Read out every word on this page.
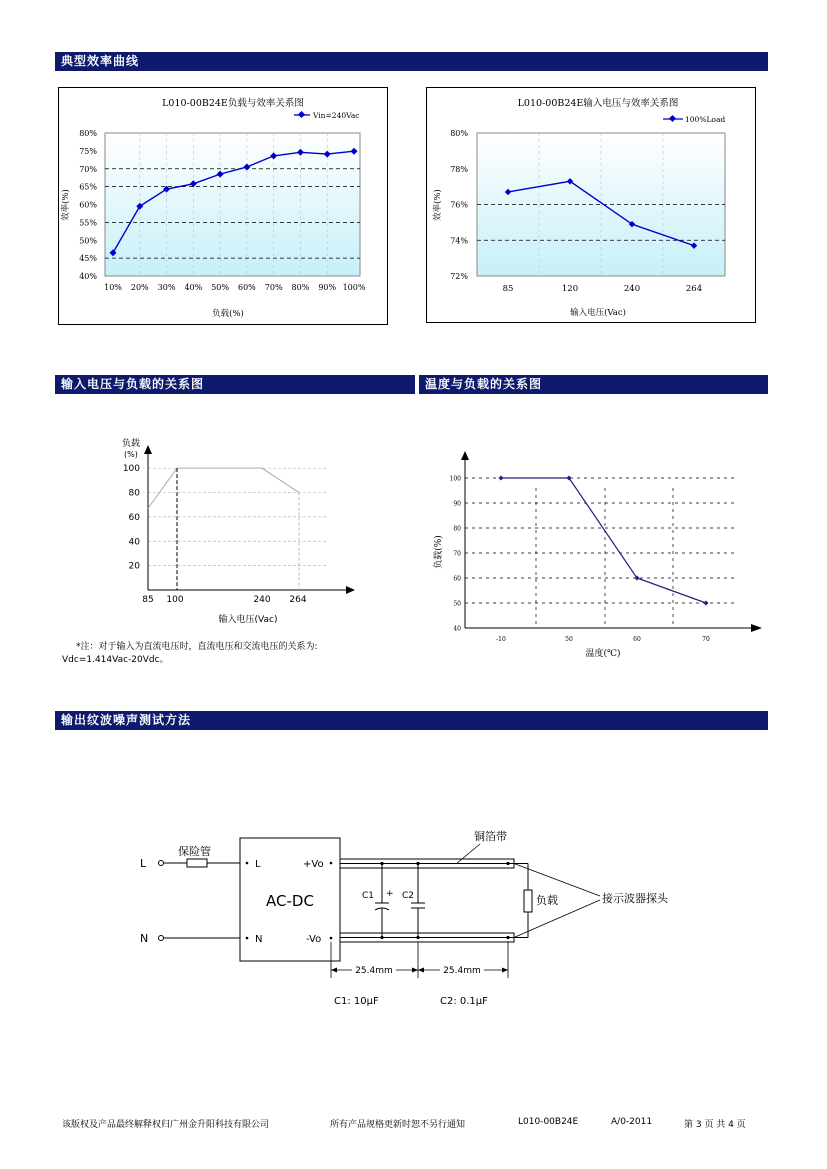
典型效率曲线
输入电压与负载的关系图	温度与负载的关系图
输出纹波噪声测试方法
L010-00B24E负载与效率关系图
Vin=240Vac
80%
75%
70%
65%
60%
55%
50%
45%
40%
10% 20% 30% 40% 50% 60% 70% 80% 90% 100%
负载(%)
效率(%)
L010-00B24E输入电压与效率关系图
100%Load
80%
78%
76%
74%
72%
85	120	240	264
输入电压(Vac)
效率(%)
负载
(%)
100
80
60
40
20
85 100	240 264
输入电压(Vac)
*注：对于输入为直流电压时，直流电压和交流电压的关系为:
Vdc=1.414Vac-20Vdc。
100
90
80
70
60
50
40
-10	50	60	70
温度(℃)
负载(%)
L
N
保险管
AC-DC
L
N
+Vo
-Vo
+
C1	C2	负载
铜箔带
接示波器探头
25.4mm	25.4mm
C1: 10μF	C2: 0.1μF
该版权及产品最终解释权归广州金升阳科技有限公司	所有产品规格更新时恕不另行通知	L010-00B24E	A/0-2011	第 3 页 共 4 页
